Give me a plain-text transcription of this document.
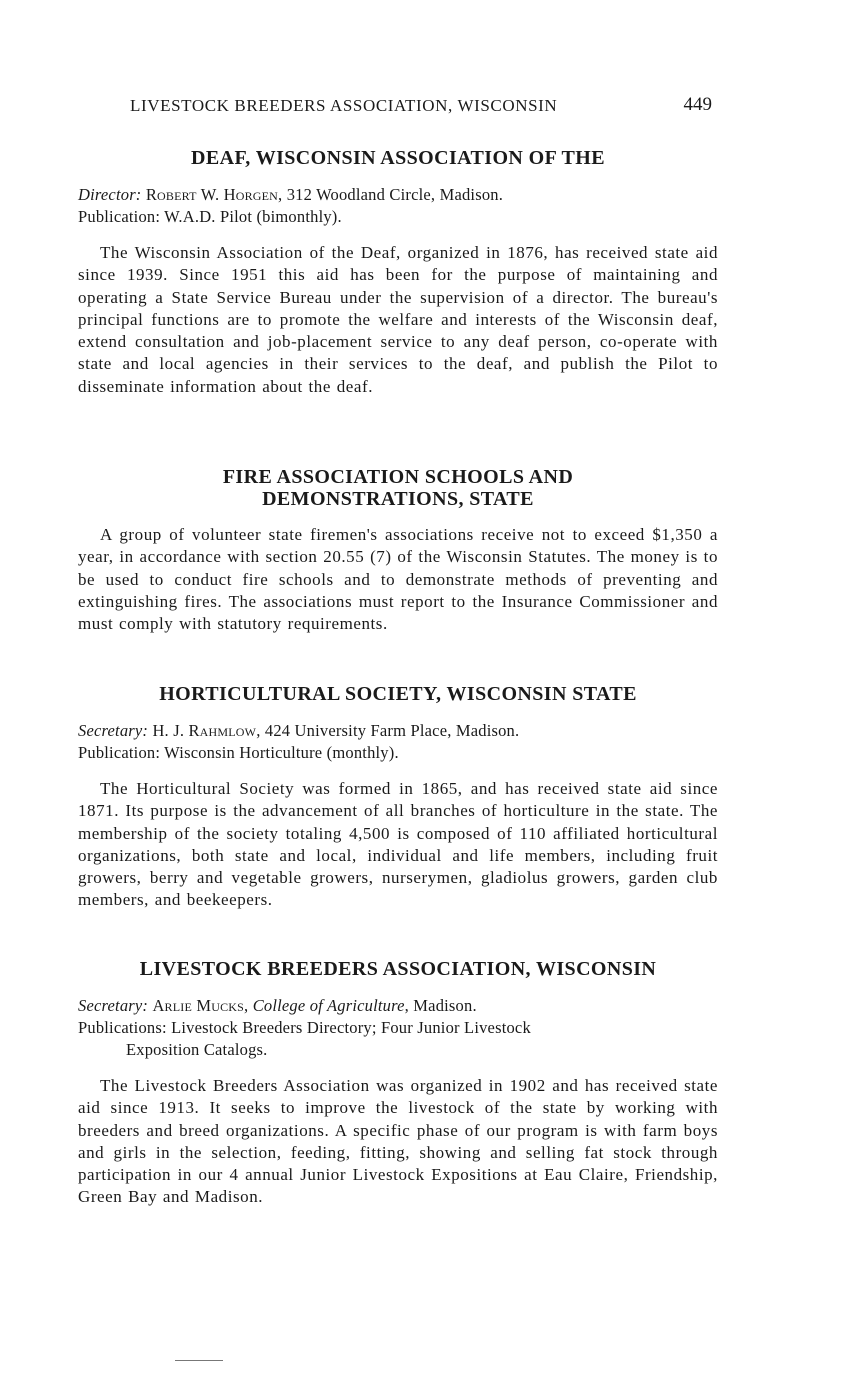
LIVESTOCK BREEDERS ASSOCIATION, WISCONSIN	449
DEAF, WISCONSIN ASSOCIATION OF THE
Director: Robert W. Horgen, 312 Woodland Circle, Madison.
Publication: W.A.D. Pilot (bimonthly).

The Wisconsin Association of the Deaf, organized in 1876, has received state aid since 1939. Since 1951 this aid has been for the purpose of maintaining and operating a State Service Bureau under the supervision of a director. The bureau's principal functions are to promote the welfare and interests of the Wisconsin deaf, extend consultation and job-placement service to any deaf person, co-operate with state and local agencies in their services to the deaf, and publish the Pilot to disseminate information about the deaf.

FIRE ASSOCIATION SCHOOLS AND
DEMONSTRATIONS, STATE

A group of volunteer state firemen's associations receive not to exceed $1,350 a year, in accordance with section 20.55 (7) of the Wisconsin Statutes. The money is to be used to conduct fire schools and to demonstrate methods of preventing and extinguishing fires. The associations must report to the Insurance Commissioner and must comply with statutory requirements.

HORTICULTURAL SOCIETY, WISCONSIN STATE
Secretary: H. J. Rahmlow, 424 University Farm Place, Madison.
Publication: Wisconsin Horticulture (monthly).

The Horticultural Society was formed in 1865, and has received state aid since 1871. Its purpose is the advancement of all branches of horticulture in the state. The membership of the society totaling 4,500 is composed of 110 affiliated horticultural organizations, both state and local, individual and life members, including fruit growers, berry and vegetable growers, nurserymen, gladiolus growers, garden club members, and beekeepers.

LIVESTOCK BREEDERS ASSOCIATION, WISCONSIN
Secretary: Arlie Mucks, College of Agriculture, Madison.
Publications: Livestock Breeders Directory; Four Junior Livestock
Exposition Catalogs.

The Livestock Breeders Association was organized in 1902 and has received state aid since 1913. It seeks to improve the livestock of the state by working with breeders and breed organizations. A specific phase of our program is with farm boys and girls in the selection, feeding, fitting, showing and selling fat stock through participation in our 4 annual Junior Livestock Expositions at Eau Claire, Friendship, Green Bay and Madison.
